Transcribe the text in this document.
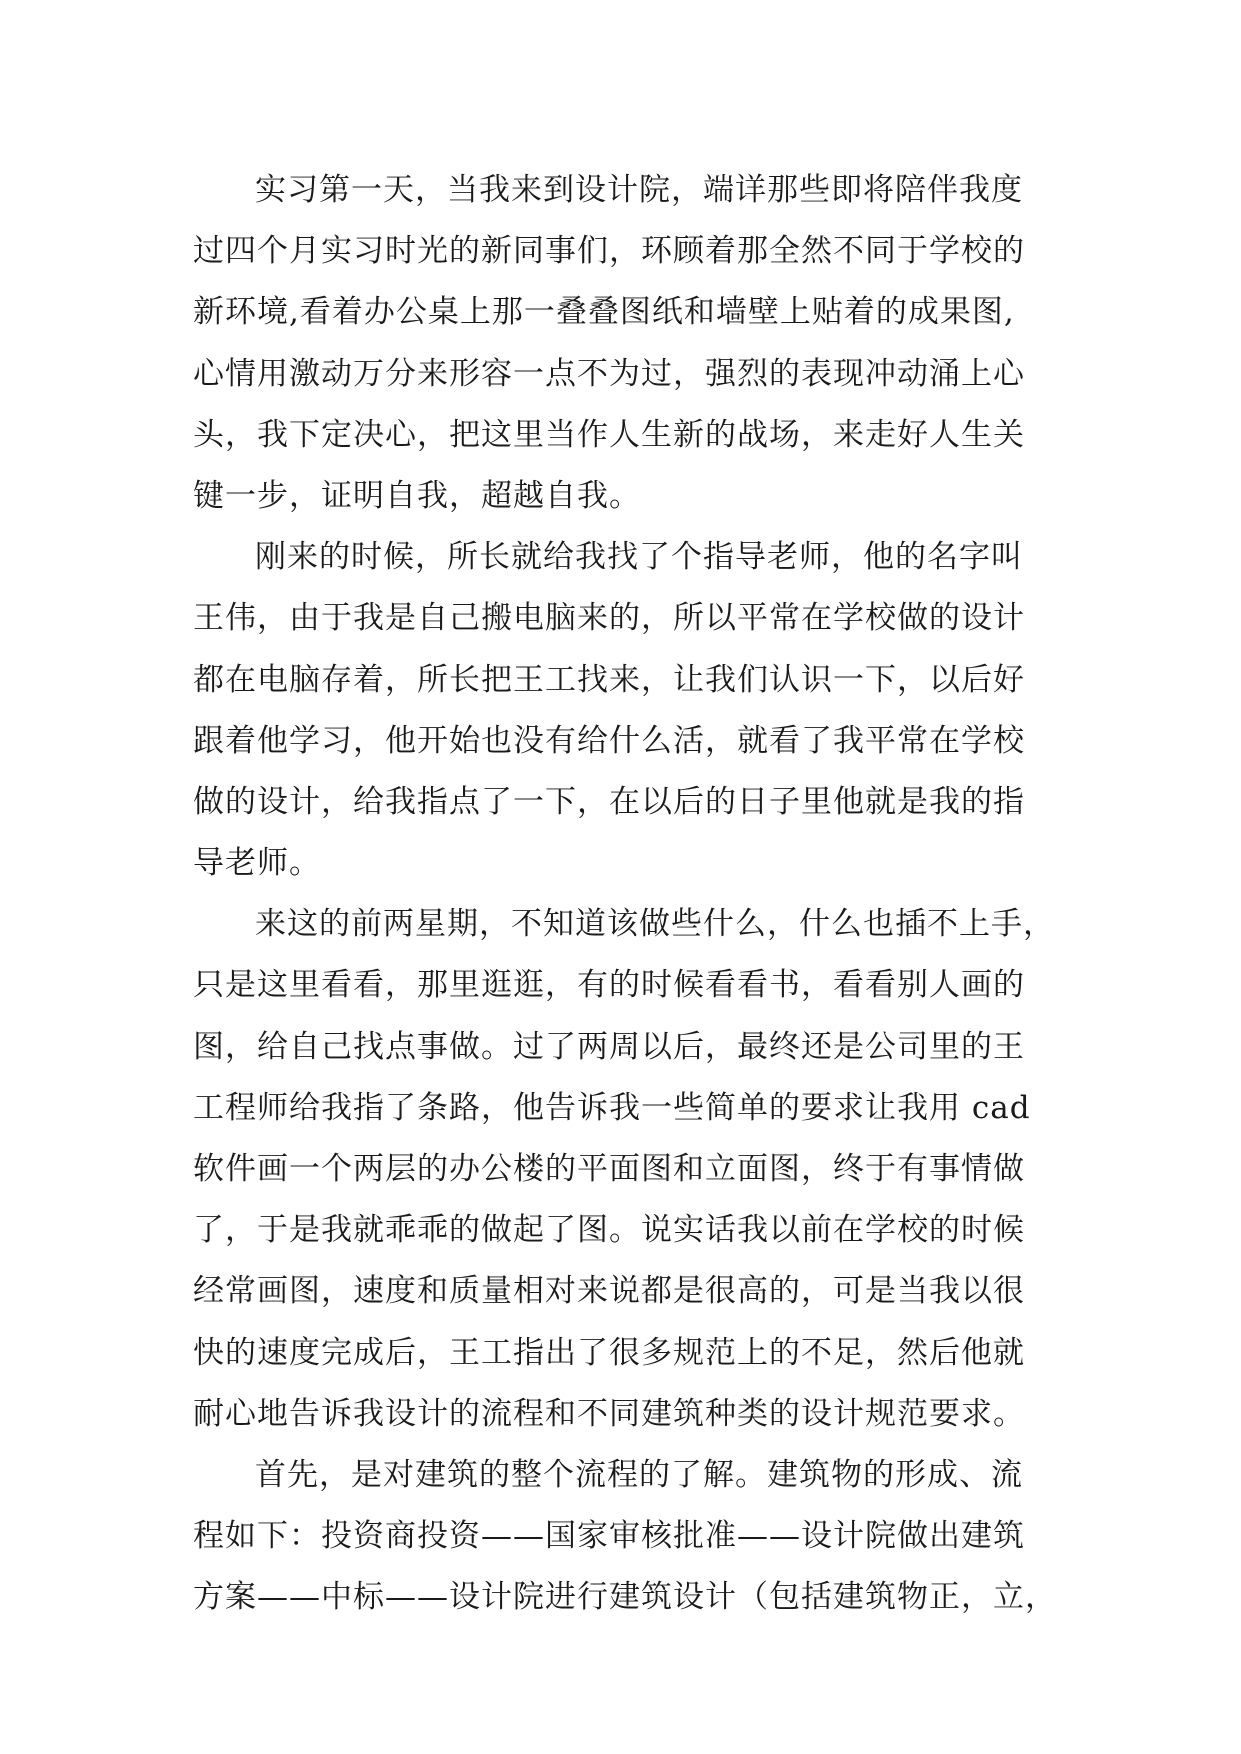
实习第一天，当我来到设计院，端详那些即将陪伴我度
过四个月实习时光的新同事们，环顾着那全然不同于学校的
新环境,看着办公桌上那一叠叠图纸和墙壁上贴着的成果图,
心情用激动万分来形容一点不为过，强烈的表现冲动涌上心
头，我下定决心，把这里当作人生新的战场，来走好人生关
键一步，证明自我，超越自我。
刚来的时候，所长就给我找了个指导老师，他的名字叫
王伟，由于我是自己搬电脑来的，所以平常在学校做的设计
都在电脑存着，所长把王工找来，让我们认识一下，以后好
跟着他学习，他开始也没有给什么活，就看了我平常在学校
做的设计，给我指点了一下，在以后的日子里他就是我的指
导老师。
来这的前两星期，不知道该做些什么，什么也插不上手，
只是这里看看，那里逛逛，有的时候看看书，看看别人画的
图，给自己找点事做。过了两周以后，最终还是公司里的王
工程师给我指了条路，他告诉我一些简单的要求让我用 cad
软件画一个两层的办公楼的平面图和立面图，终于有事情做
了，于是我就乖乖的做起了图。说实话我以前在学校的时候
经常画图，速度和质量相对来说都是很高的，可是当我以很
快的速度完成后，王工指出了很多规范上的不足，然后他就
耐心地告诉我设计的流程和不同建筑种类的设计规范要求。
首先，是对建筑的整个流程的了解。建筑物的形成、流
程如下：投资商投资——国家审核批准——设计院做出建筑
方案——中标——设计院进行建筑设计（包括建筑物正，立，
